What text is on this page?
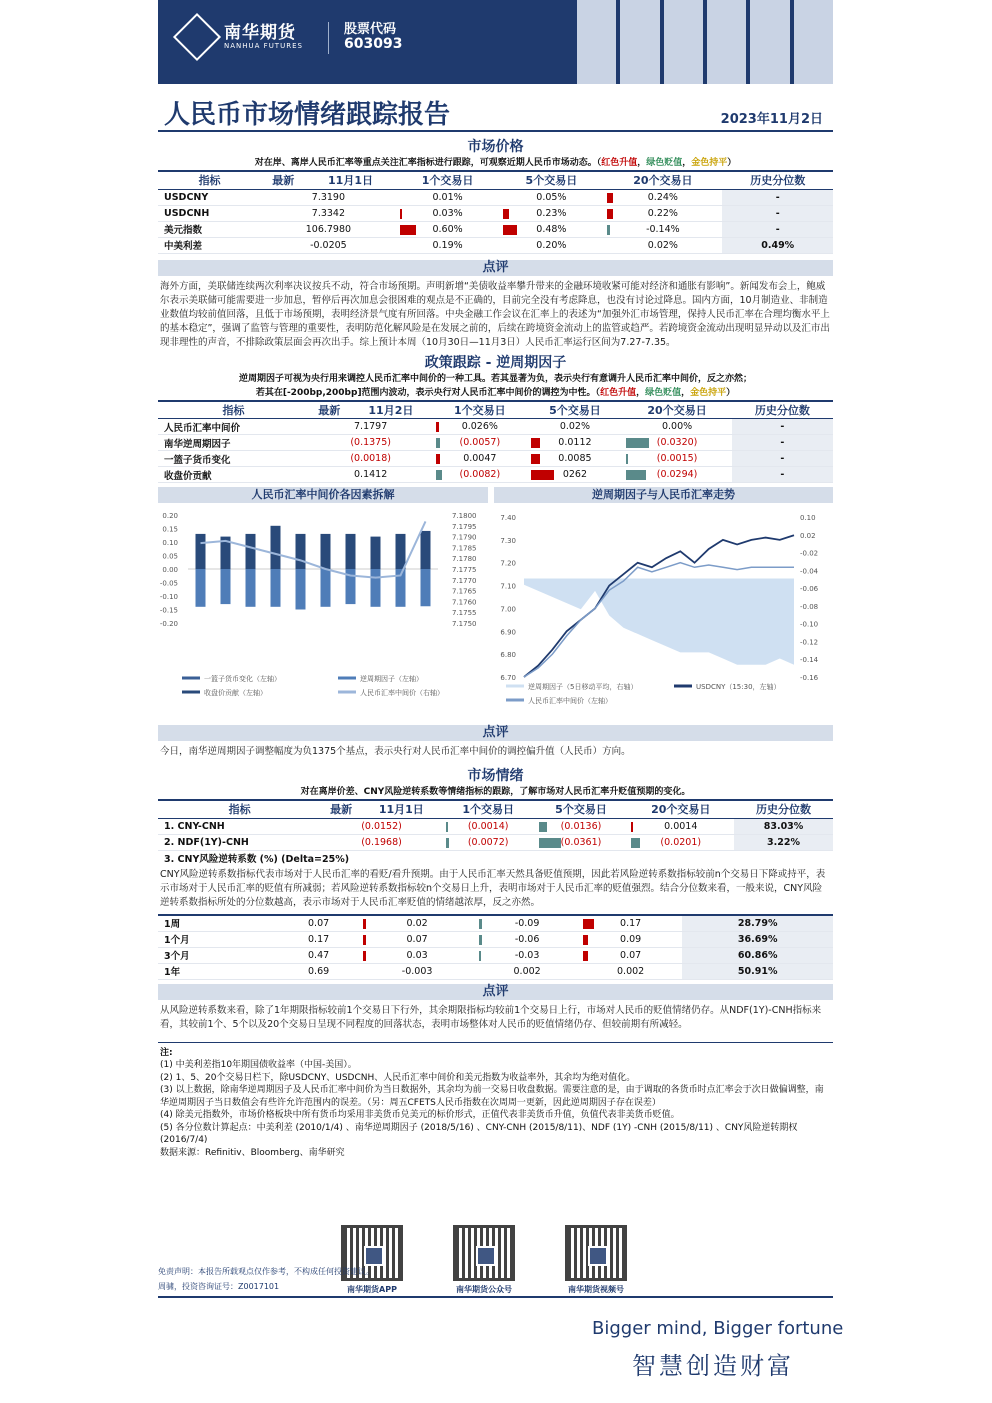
南华期货
NANHUA FUTURES
股票代码
603093
人民币市场情绪跟踪报告	2023年11月2日
市场价格
对在岸、离岸人民币汇率等重点关注汇率指标进行跟踪，可观察近期人民币市场动态。（红色升值，绿色贬值，金色持平）
指标	最新	11月1日	1个交易日	5个交易日	20个交易日	历史分位数
USDCNY	7.3190		0.01%	0.05%	0.24%	-
USDCNH	7.3342		0.03%	0.23%	0.22%	-
美元指数	106.7980		0.60%	0.48%	-0.14%	-
中美利差	-0.0205		0.19%	0.20%	0.02%	0.49%
点评
海外方面，美联储连续两次利率决议按兵不动，符合市场预期。声明新增“美债收益率攀升带来的金融环境收紧可能对经济和通胀有影响”。新闻发布会上，鲍威尔表示美联储可能需要进一步加息，暂停后再次加息会很困难的观点是不正确的，目前完全没有考虑降息，也没有讨论过降息。国内方面，10月制造业、非制造业数值均较前值回落，且低于市场预期，表明经济景气度有所回落。中央金融工作会议在汇率上的表述为“加强外汇市场管理，保持人民币汇率在合理均衡水平上的基本稳定”，强调了监管与管理的重要性，表明防范化解风险是在发展之前的，后续在跨境资金流动上的监管或趋严。若跨境资金流动出现明显异动以及汇市出现非理性的声音，不排除政策层面会再次出手。综上预计本周（10月30日—11月3日）人民币汇率运行区间为7.27-7.35。
政策跟踪 - 逆周期因子
逆周期因子可视为央行用来调控人民币汇率中间价的一种工具。若其显著为负，表示央行有意调升人民币汇率中间价，反之亦然；
若其在[-200bp,200bp]范围内波动，表示央行对人民币汇率中间价的调控为中性。（红色升值，绿色贬值，金色持平）
指标	最新	11月2日	1个交易日	5个交易日	20个交易日	历史分位数
人民币汇率中间价	7.1797		0.026%	0.02%	0.00%	-
南华逆周期因子	(0.1375)		(0.0057)	0.0112	(0.0320)	-
一篮子货币变化	(0.0018)		0.0047	0.0085	(0.0015)	-
收盘价贡献	0.1412		(0.0082)	0262	(0.0294)	-
人民币汇率中间价各因素拆解
0.20
0.15
0.10
0.05
0.00
-0.05
-0.10
-0.15
-0.20
7.1800
7.1795
7.1790
7.1785
7.1780
7.1775
7.1770
7.1765
7.1760
7.1755
7.1750
一篮子货币变化（左轴）	逆周期因子（左轴）
收盘价贡献（左轴）	人民币汇率中间价（右轴）
逆周期因子与人民币汇率走势
7.40
7.30
7.20
7.10
7.00
6.90
6.80
6.70
0.10
0.02
-0.02
-0.04
-0.06
-0.08
-0.10
-0.12
-0.14
-0.16
逆周期因子（5日移动平均，右轴）	USDCNY（15:30，左轴）
人民币汇率中间价（左轴）
点评
今日，南华逆周期因子调整幅度为负1375个基点，表示央行对人民币汇率中间价的调控偏升值（人民币）方向。
市场情绪
对在离岸价差、CNY风险逆转系数等情绪指标的跟踪，了解市场对人民币汇率升贬值预期的变化。
指标	最新	11月1日	1个交易日	5个交易日	20个交易日	历史分位数
1. CNY-CNH	(0.0152)		(0.0014)	(0.0136)	0.0014	83.03%
2. NDF(1Y)-CNH	(0.1968)		(0.0072)	(0.0361)	(0.0201)	3.22%
3. CNY风险逆转系数 (%) (Delta=25%)						
CNY风险逆转系数指标代表市场对于人民币汇率的看贬/看升预期。由于人民币汇率天然具备贬值预期，因此若风险逆转系数指标较前n个交易日下降或持平，表示市场对于人民币汇率的贬值有所减弱；若风险逆转系数指标较n个交易日上升，表明市场对于人民币汇率的贬值强烈。结合分位数来看，一般来说，CNY风险逆转系数指标所处的分位数越高，表示市场对于人民币汇率贬值的情绪越浓厚，反之亦然。
1周	0.07	0.02	-0.09	0.17	28.79%
1个月	0.17	0.07	-0.06	0.09	36.69%
3个月	0.47	0.03	-0.03	0.07	60.86%
1年	0.69	-0.003	0.002	0.002	50.91%
点评
从风险逆转系数来看，除了1年期限指标较前1个交易日下行外，其余期限指标均较前1个交易日上行，市场对人民币的贬值情绪仍存。从NDF(1Y)-CNH指标来看，其较前1个、5个以及20个交易日呈现不同程度的回落状态，表明市场整体对人民币的贬值情绪仍存、但较前期有所减轻。
注:
(1) 中美利差指10年期国债收益率（中国-美国）。
(2) 1、5、20个交易日栏下，除USDCNY、USDCNH、人民币汇率中间价和美元指数为收益率外，其余均为绝对值化。
(3) 以上数据，除南华逆周期因子及人民币汇率中间价为当日数据外，其余均为前一交易日收盘数据。需要注意的是，由于调取的各货币时点汇率会于次日做偏调整，南华逆周期因子当日数值会有些许允许范围内的误差。（另：周五CFETS人民币指数在次周周一更新，因此逆周期因子存在误差）
(4) 除美元指数外，市场价格板块中所有货币均采用非美货币兑美元的标价形式，正值代表非美货币升值，负值代表非美货币贬值。
(5) 各分位数计算起点：中美利差 (2010/1/4) 、南华逆周期因子 (2018/5/16) 、CNY-CNH (2015/8/11)、NDF (1Y) -CNH (2015/8/11) 、CNY风险逆转期权 (2016/7/4)
数据来源：Refinitiv、Bloomberg、南华研究
南华期货APP	南华期货公众号	南华期货视频号
免责声明：本报告所载观点仅作参考，不构成任何投资建议。
周骕，投资咨询证号：Z0017101
Bigger mind, Bigger fortune
智慧创造财富
